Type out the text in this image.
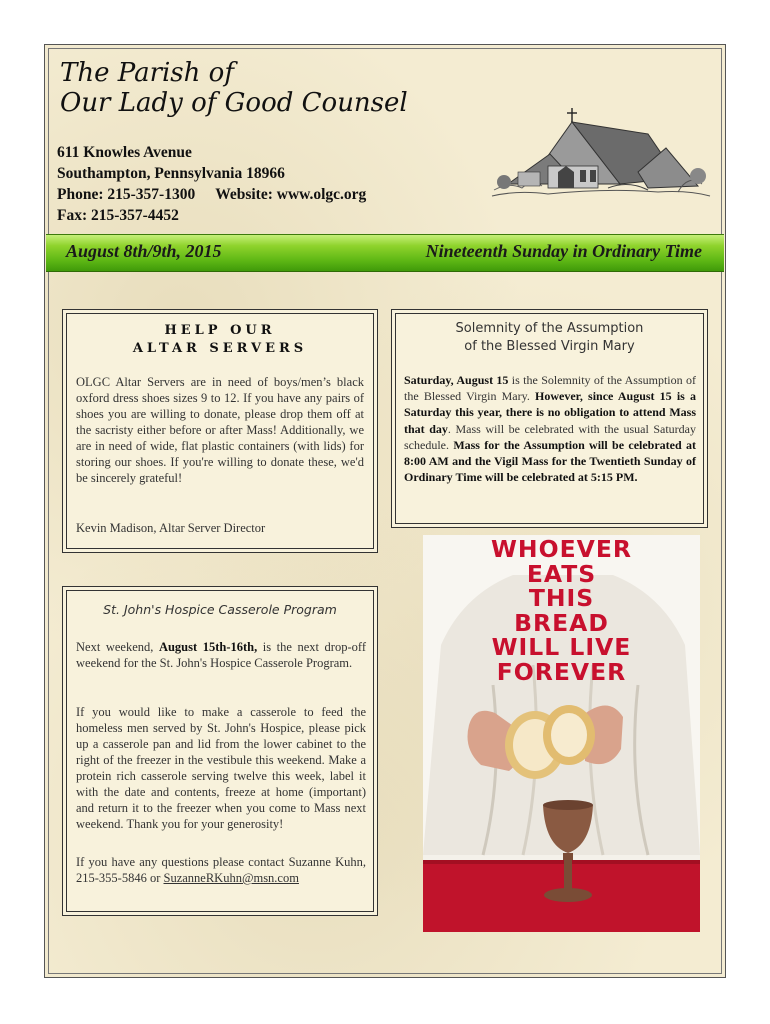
The Parish of
Our Lady of Good Counsel
611 Knowles Avenue
Southampton, Pennsylvania 18966
Phone: 215-357-1300 Website: www.olgc.org
Fax: 215-357-4452
August 8th/9th, 2015	Nineteenth Sunday in Ordinary Time
HELP OUR
ALTAR SERVERS
OLGC Altar Servers are in need of boys/men’s black oxford dress shoes sizes 9 to 12. If you have any pairs of shoes you are willing to donate, please drop them off at the sacristy either before or after Mass! Additionally, we are in need of wide, flat plastic containers (with lids) for storing our shoes. If you're willing to donate these, we'd be sincerely grateful!
Kevin Madison, Altar Server Director
Solemnity of the Assumption
of the Blessed Virgin Mary
Saturday, August 15 is the Solemnity of the Assumption of the Blessed Virgin Mary. However, since August 15 is a Saturday this year, there is no obligation to attend Mass that day. Mass will be celebrated with the usual Saturday schedule. Mass for the Assumption will be celebrated at 8:00 AM and the Vigil Mass for the Twentieth Sunday of Ordinary Time will be celebrated at 5:15 PM.
St. John's Hospice Casserole Program
Next weekend, August 15th-16th, is the next drop-off weekend for the St. John's Hospice Casserole Program.
If you would like to make a casserole to feed the homeless men served by St. John's Hospice, please pick up a casserole pan and lid from the lower cabinet to the right of the freezer in the vestibule this weekend. Make a protein rich casserole serving twelve this week, label it with the date and contents, freeze at home (important) and return it to the freezer when you come to Mass next weekend. Thank you for your generosity!
If you have any questions please contact Suzanne Kuhn, 215-355-5846 or SuzanneRKuhn@msn.com
WHOEVER
EATS
THIS
BREAD
WILL LIVE
FOREVER
